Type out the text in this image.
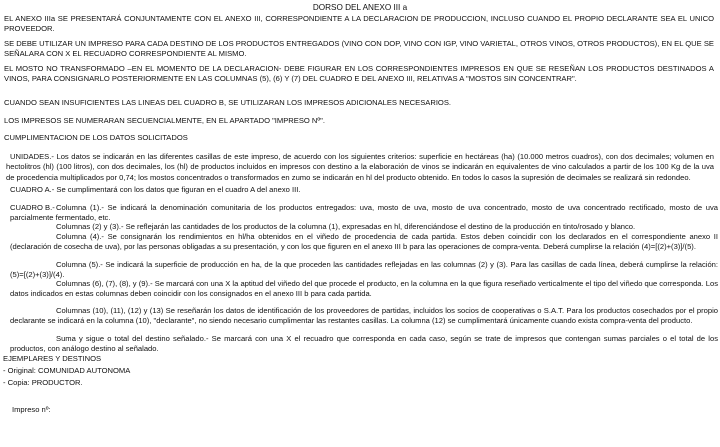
DORSO DEL ANEXO III a

EL ANEXO IIIa SE PRESENTARÁ CONJUNTAMENTE CON EL ANEXO III, CORRESPONDIENTE A LA DECLARACION DE PRODUCCION, INCLUSO CUANDO EL PROPIO DECLARANTE SEA EL UNICO PROVEEDOR.

SE DEBE UTILIZAR UN IMPRESO PARA CADA DESTINO DE LOS PRODUCTOS ENTREGADOS (VINO CON DOP, VINO CON IGP, VINO VARIETAL, OTROS VINOS, OTROS PRODUCTOS), EN EL QUE SE SEÑALARA CON X EL RECUADRO CORRESPONDIENTE AL MISMO.

EL MOSTO NO TRANSFORMADO –EN EL MOMENTO DE LA DECLARACION- DEBE FIGURAR EN LOS CORRESPONDIENTES IMPRESOS EN QUE SE RESEÑAN LOS PRODUCTOS DESTINADOS A VINOS, PARA CONSIGNARLO POSTERIORMENTE EN LAS COLUMNAS (5), (6) Y (7) DEL CUADRO E DEL ANEXO III, RELATIVAS A "MOSTOS SIN CONCENTRAR".

CUANDO SEAN INSUFICIENTES LAS LINEAS DEL CUADRO B, SE UTILIZARAN LOS IMPRESOS ADICIONALES NECESARIOS.

LOS IMPRESOS SE NUMERARAN SECUENCIALMENTE, EN EL APARTADO "IMPRESO Nº".

CUMPLIMENTACION DE LOS DATOS SOLICITADOS

UNIDADES.- Los datos se indicarán en las diferentes casillas de este impreso, de acuerdo con los siguientes criterios: superficie en hectáreas (ha) (10.000 metros cuadros), con dos decimales; volumen en hectolitros (hl) (100 litros), con dos decimales, los (hl) de productos incluidos en impresos con destino a la elaboración de vinos se indicarán en equivalentes de vino calculados a partir de los 100 Kg de la uva de procedencia multiplicados por 0,74; los mostos concentrados o transformados en zumo se indicarán en hl del producto obtenido. En todos lo casos la supresión de decimales se realizará sin redondeo.

CUADRO A.- Se cumplimentará con los datos que figuran en el cuadro A del anexo III.

CUADRO B.- Columna (1).- Se indicará la denominación comunitaria de los productos entregados: uva, mosto de uva, mosto de uva concentrado, mosto de uva concentrado rectificado, mosto de uva parcialmente fermentado, etc.

Columnas (2) y (3).- Se reflejarán las cantidades de los productos de la columna (1), expresadas en hl, diferenciándose el destino de la producción en tinto/rosado y blanco.

Columna (4).- Se consignarán los rendimientos en hl/ha obtenidos en el viñedo de procedencia de cada partida. Estos deben coincidir con los declarados en el correspondiente anexo II (declaración de cosecha de uva), por las personas obligadas a su presentación, y con los que figuren en el anexo III b para las operaciones de compra-venta. Deberá cumplirse la relación (4)=[(2)+(3)]/(5).

Columna (5).- Se indicará la superficie de producción en ha, de la que proceden las cantidades reflejadas en las columnas (2) y (3). Para las casillas de cada línea, deberá cumplirse la relación: (5)=[(2)+(3)]/(4).

Columnas (6), (7), (8), y (9).- Se marcará con una X la aptitud del viñedo del que procede el producto, en la columna en la que figura reseñado verticalmente el tipo del viñedo que corresponda. Los datos indicados en estas columnas deben coincidir con los consignados en el anexo III b para cada partida.

Columnas (10), (11), (12) y (13) Se reseñarán los datos de identificación de los proveedores de partidas, incluidos los socios de cooperativas o S.A.T. Para los productos cosechados por el propio declarante se indicará en la columna (10), "declarante", no siendo necesario cumplimentar las restantes casillas. La columna (12) se cumplimentará únicamente cuando exista compra-venta del producto.

Suma y sigue o total del destino señalado.- Se marcará con una X el recuadro que corresponda en cada caso, según se trate de impresos que contengan sumas parciales o el total de los productos, con análogo destino al señalado.

EJEMPLARES Y DESTINOS

- Original: COMUNIDAD AUTONOMA

- Copia: PRODUCTOR.

Impreso nº:
